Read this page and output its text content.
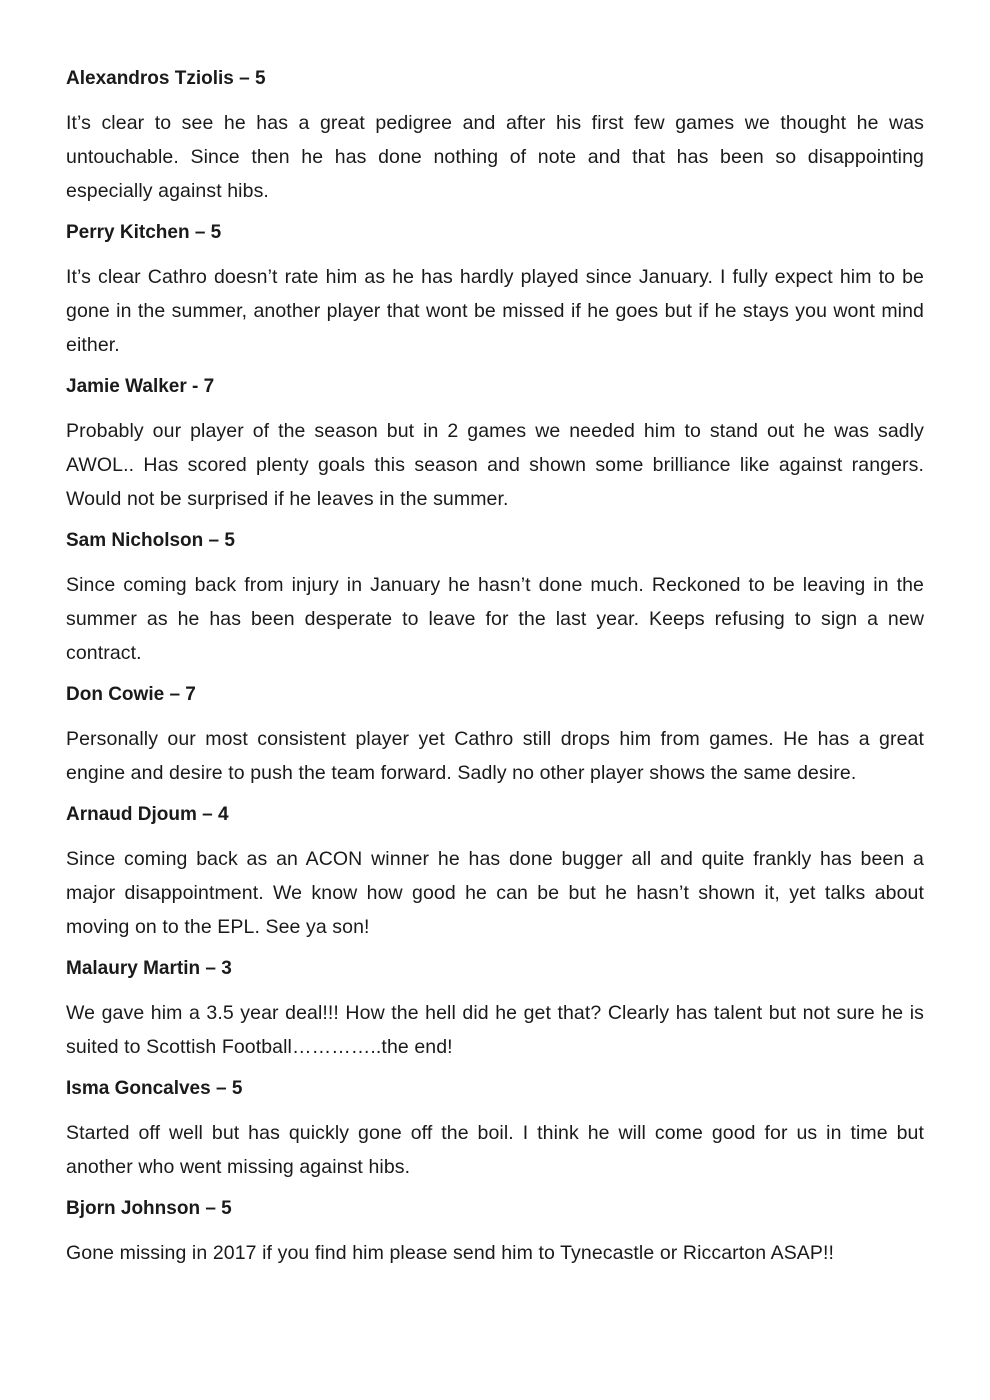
Alexandros Tziolis – 5

It’s clear to see he has a great pedigree and after his first few games we thought he was untouchable. Since then he has done nothing of note and that has been so disappointing especially against hibs.

Perry Kitchen – 5

It’s clear Cathro doesn’t rate him as he has hardly played since January. I fully expect him to be gone in the summer, another player that wont be missed if he goes but if he stays you wont mind either.

Jamie Walker - 7

Probably our player of the season but in 2 games we needed him to stand out he was sadly AWOL.. Has scored plenty goals this season and shown some brilliance like against rangers. Would not be surprised if he leaves in the summer.

Sam Nicholson – 5

Since coming back from injury in January he hasn’t done much. Reckoned to be leaving in the summer as he has been desperate to leave for the last year. Keeps refusing to sign a new contract.

Don Cowie – 7

Personally our most consistent player yet Cathro still drops him from games. He has a great engine and desire to push the team forward. Sadly no other player shows the same desire.

Arnaud Djoum – 4

Since coming back as an ACON winner he has done bugger all and quite frankly has been a major disappointment. We know how good he can be but he hasn’t shown it, yet talks about moving on to the EPL. See ya son!

Malaury Martin – 3

We gave him a 3.5 year deal!!! How the hell did he get that? Clearly has talent but not sure he is suited to Scottish Football…………..the end!

Isma Goncalves – 5

Started off well but has quickly gone off the boil. I think he will come good for us in time but another who went missing against hibs.

Bjorn Johnson – 5

Gone missing in 2017 if you find him please send him to Tynecastle or Riccarton ASAP!!
